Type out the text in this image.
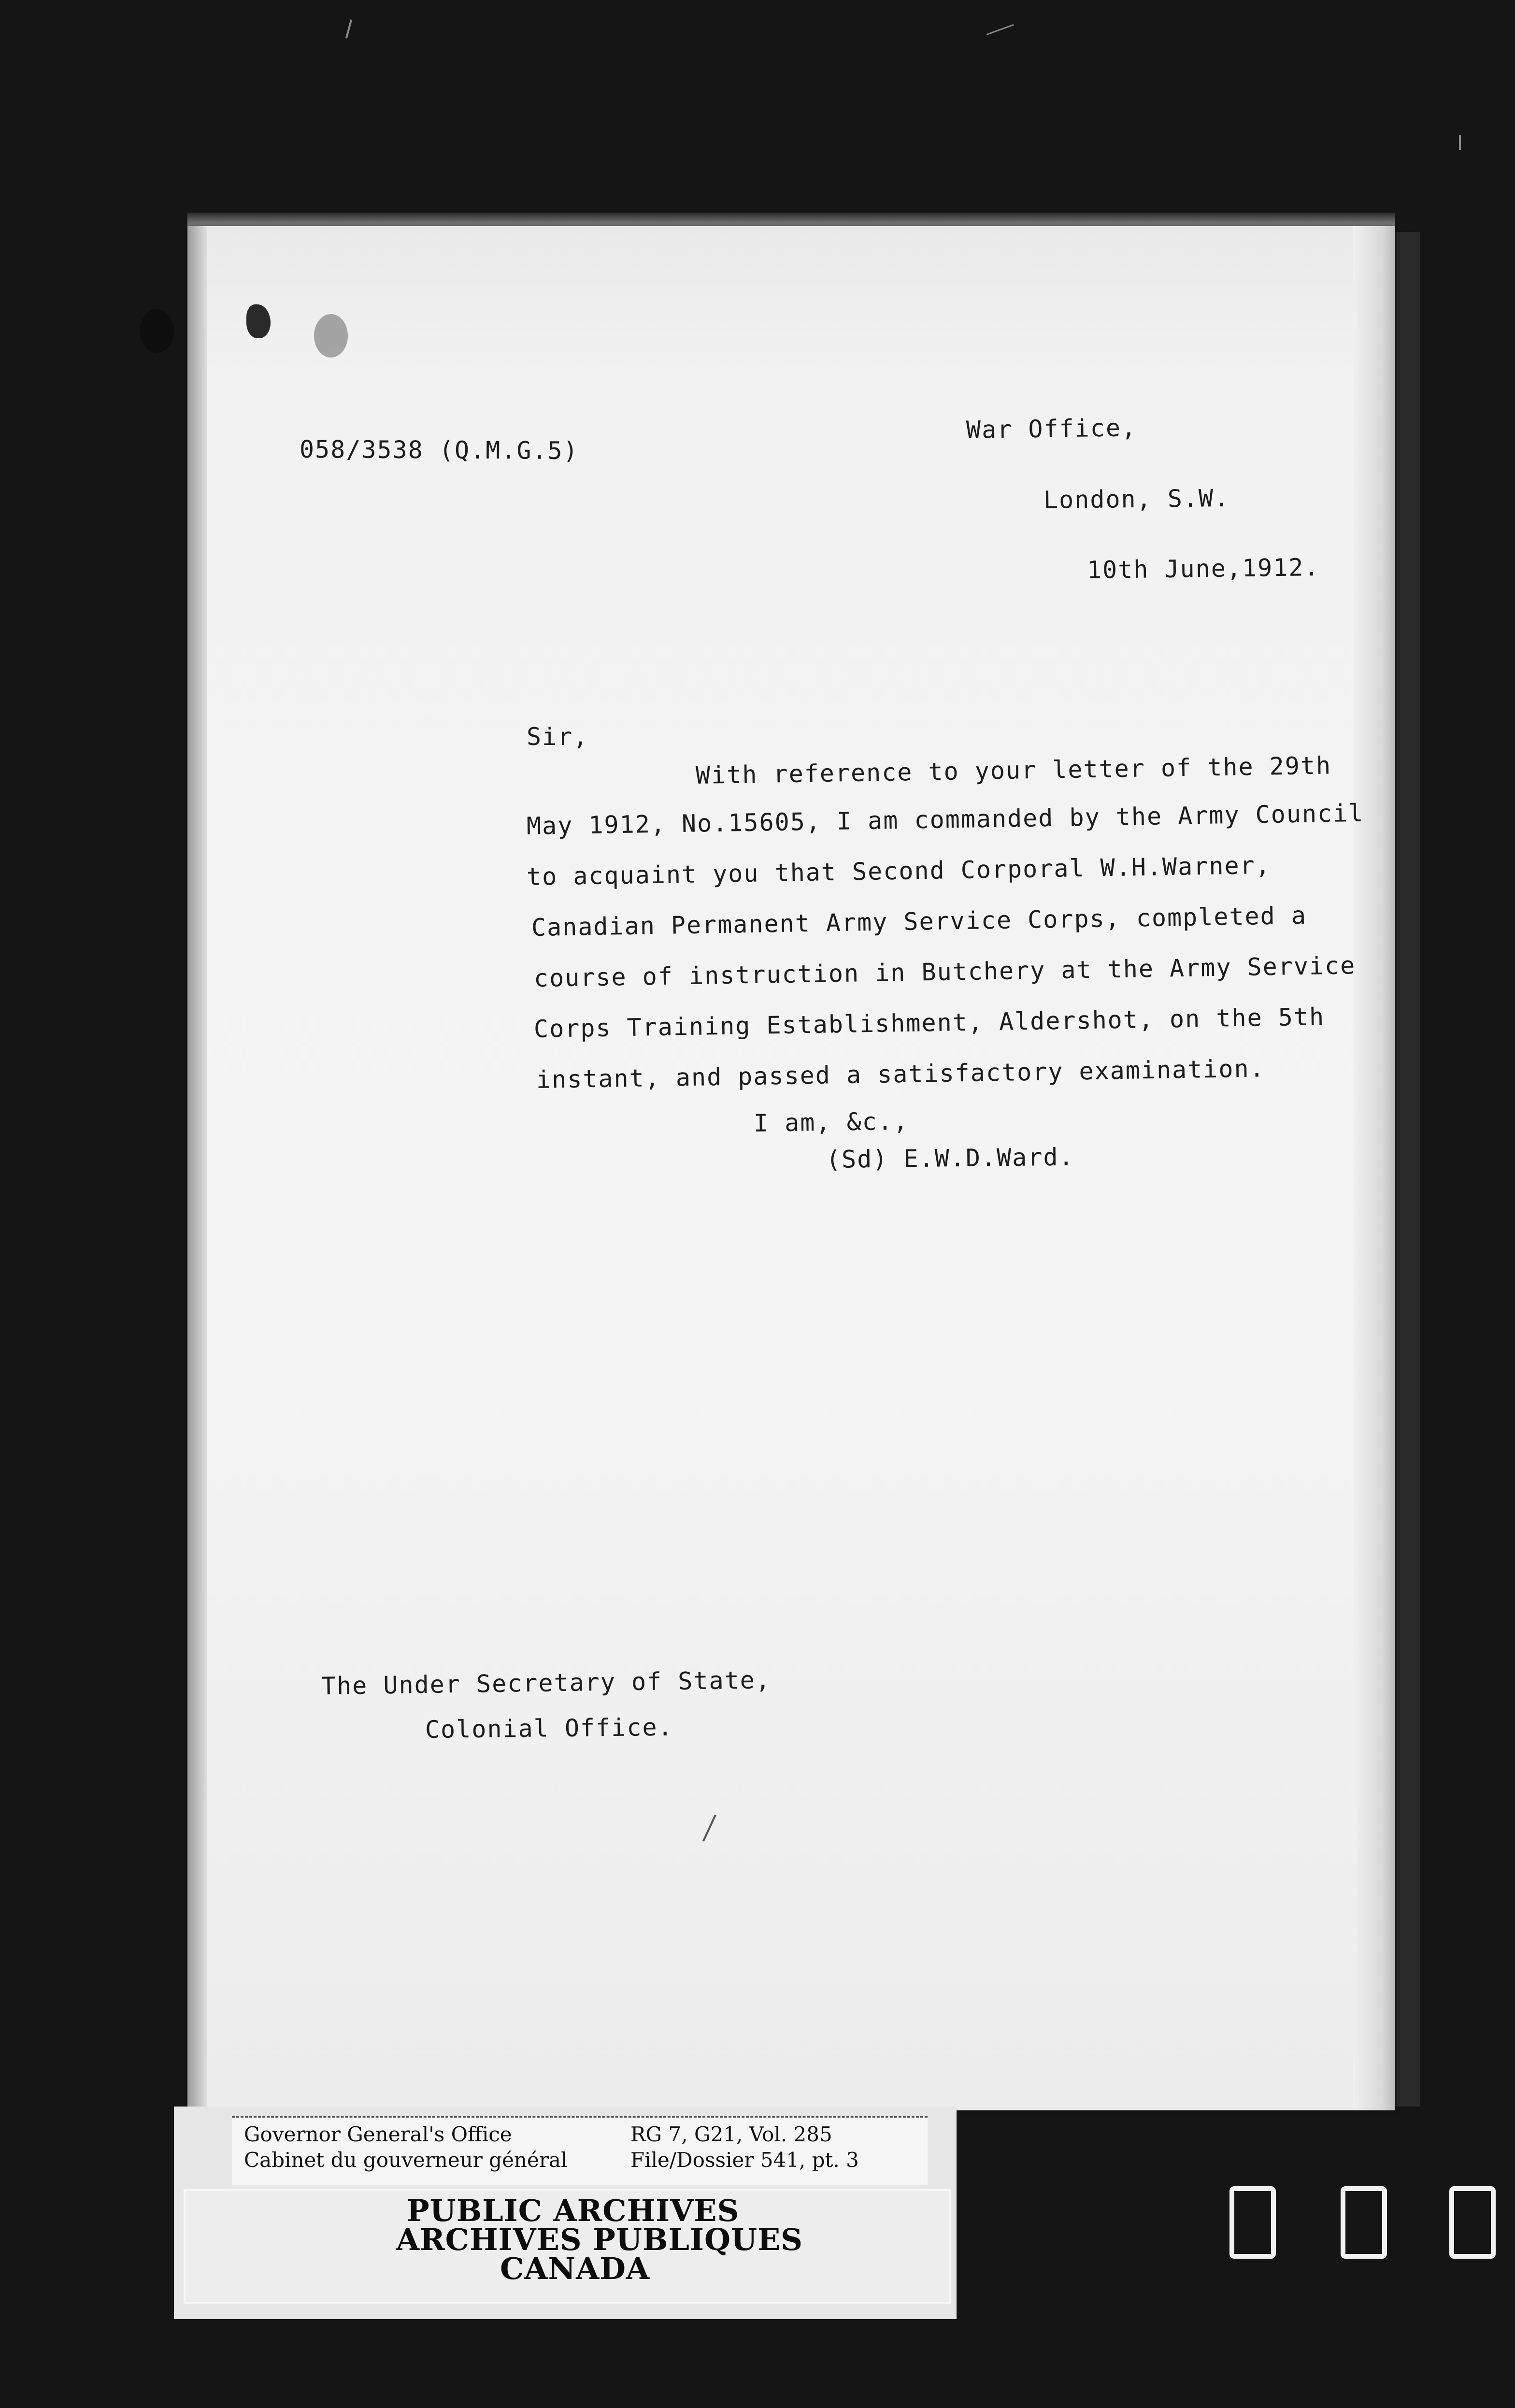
058/3538 (Q.M.G.5)
War Office,
London, S.W.
10th June,1912.
Sir,
With reference to your letter of the 29th
May 1912, No.15605, I am commanded by the Army Council
to acquaint you that Second Corporal W.H.Warner,
Canadian Permanent Army Service Corps, completed a
course of instruction in Butchery at the Army Service
Corps Training Establishment, Aldershot, on the 5th
instant, and passed a satisfactory examination.
I am, &c.,
(Sd) E.W.D.Ward.
The Under Secretary of State,
Colonial Office.
Governor General's Office
Cabinet du gouverneur général
RG 7, G21, Vol. 285
File/Dossier 541, pt. 3
PUBLIC ARCHIVES
ARCHIVES PUBLIQUES
CANADA
